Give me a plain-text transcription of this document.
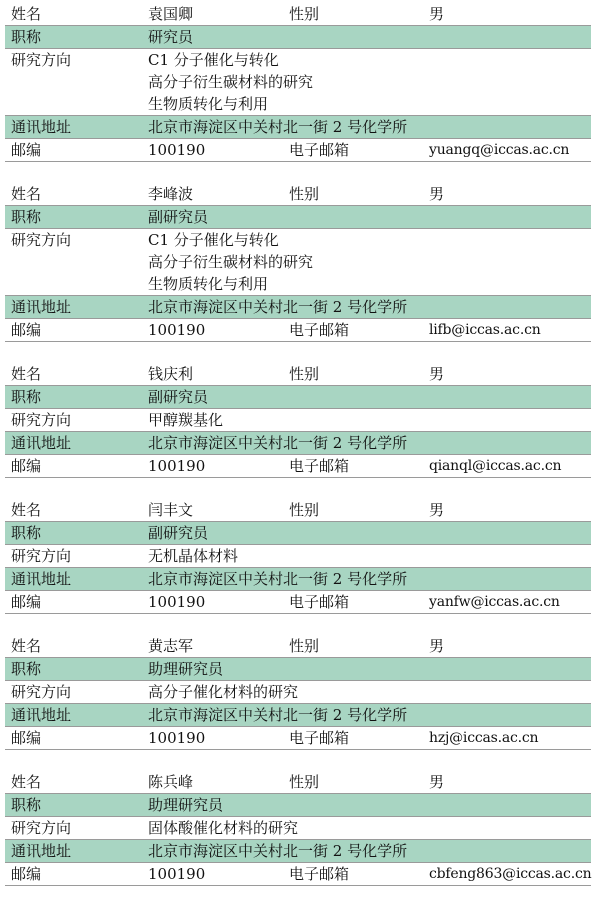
姓名	袁国卿	性别	男
职称	研究员
研究方向	C1 分子催化与转化
高分子衍生碳材料的研究
生物质转化与利用
通讯地址	北京市海淀区中关村北一街 2 号化学所
邮编	100190	电子邮箱	yuangq@iccas.ac.cn
姓名	李峰波	性别	男
职称	副研究员
研究方向	C1 分子催化与转化
高分子衍生碳材料的研究
生物质转化与利用
通讯地址	北京市海淀区中关村北一街 2 号化学所
邮编	100190	电子邮箱	lifb@iccas.ac.cn
姓名	钱庆利	性别	男
职称	副研究员
研究方向	甲醇羰基化
通讯地址	北京市海淀区中关村北一街 2 号化学所
邮编	100190	电子邮箱	qianql@iccas.ac.cn
姓名	闫丰文	性别	男
职称	副研究员
研究方向	无机晶体材料
通讯地址	北京市海淀区中关村北一街 2 号化学所
邮编	100190	电子邮箱	yanfw@iccas.ac.cn
姓名	黄志军	性别	男
职称	助理研究员
研究方向	高分子催化材料的研究
通讯地址	北京市海淀区中关村北一街 2 号化学所
邮编	100190	电子邮箱	hzj@iccas.ac.cn
姓名	陈兵峰	性别	男
职称	助理研究员
研究方向	固体酸催化材料的研究
通讯地址	北京市海淀区中关村北一街 2 号化学所
邮编	100190	电子邮箱	cbfeng863@iccas.ac.cn
